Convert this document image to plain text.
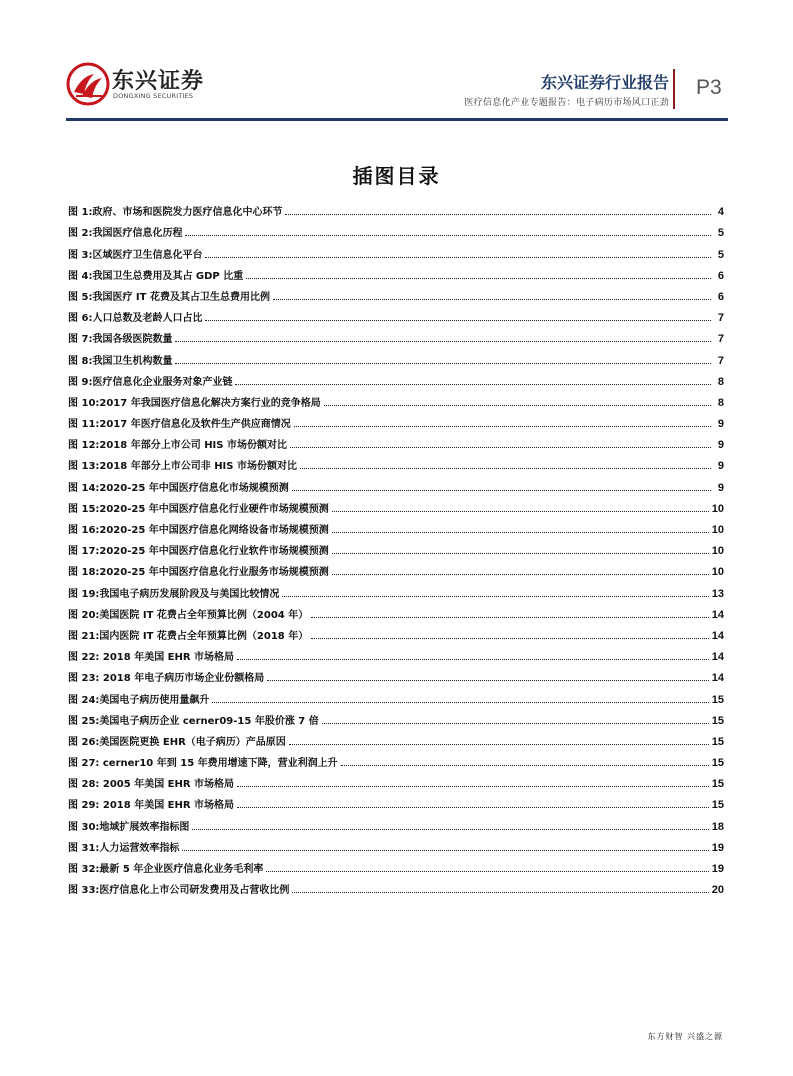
东兴证券
DONGXING SECURITIES
东兴证券行业报告
医疗信息化产业专题报告：电子病历市场风口正劲
P3
插图目录
图 1:政府、市场和医院发力医疗信息化中心环节	4
图 2:我国医疗信息化历程	5
图 3:区域医疗卫生信息化平台	5
图 4:我国卫生总费用及其占 GDP 比重	6
图 5:我国医疗 IT 花费及其占卫生总费用比例	6
图 6:人口总数及老龄人口占比	7
图 7:我国各级医院数量	7
图 8:我国卫生机构数量	7
图 9:医疗信息化企业服务对象产业链	8
图 10:2017 年我国医疗信息化解决方案行业的竞争格局	8
图 11:2017 年医疗信息化及软件生产供应商情况	9
图 12:2018 年部分上市公司 HIS 市场份额对比	9
图 13:2018 年部分上市公司非 HIS 市场份额对比	9
图 14:2020-25 年中国医疗信息化市场规模预测	9
图 15:2020-25 年中国医疗信息化行业硬件市场规模预测	10
图 16:2020-25 年中国医疗信息化网络设备市场规模预测	10
图 17:2020-25 年中国医疗信息化行业软件市场规模预测	10
图 18:2020-25 年中国医疗信息化行业服务市场规模预测	10
图 19:我国电子病历发展阶段及与美国比较情况	13
图 20:美国医院 IT 花费占全年预算比例（2004 年）	14
图 21:国内医院 IT 花费占全年预算比例（2018 年）	14
图 22: 2018 年美国 EHR 市场格局	14
图 23: 2018 年电子病历市场企业份额格局	14
图 24:美国电子病历使用量飙升	15
图 25:美国电子病历企业 cerner09-15 年股价涨 7 倍	15
图 26:美国医院更换 EHR（电子病历）产品原因	15
图 27: cerner10 年到 15 年费用增速下降，营业利润上升	15
图 28: 2005 年美国 EHR 市场格局	15
图 29: 2018 年美国 EHR 市场格局	15
图 30:地域扩展效率指标图	18
图 31:人力运营效率指标	19
图 32:最新 5 年企业医疗信息化业务毛利率	19
图 33:医疗信息化上市公司研发费用及占营收比例	20
东方财智 兴盛之源
